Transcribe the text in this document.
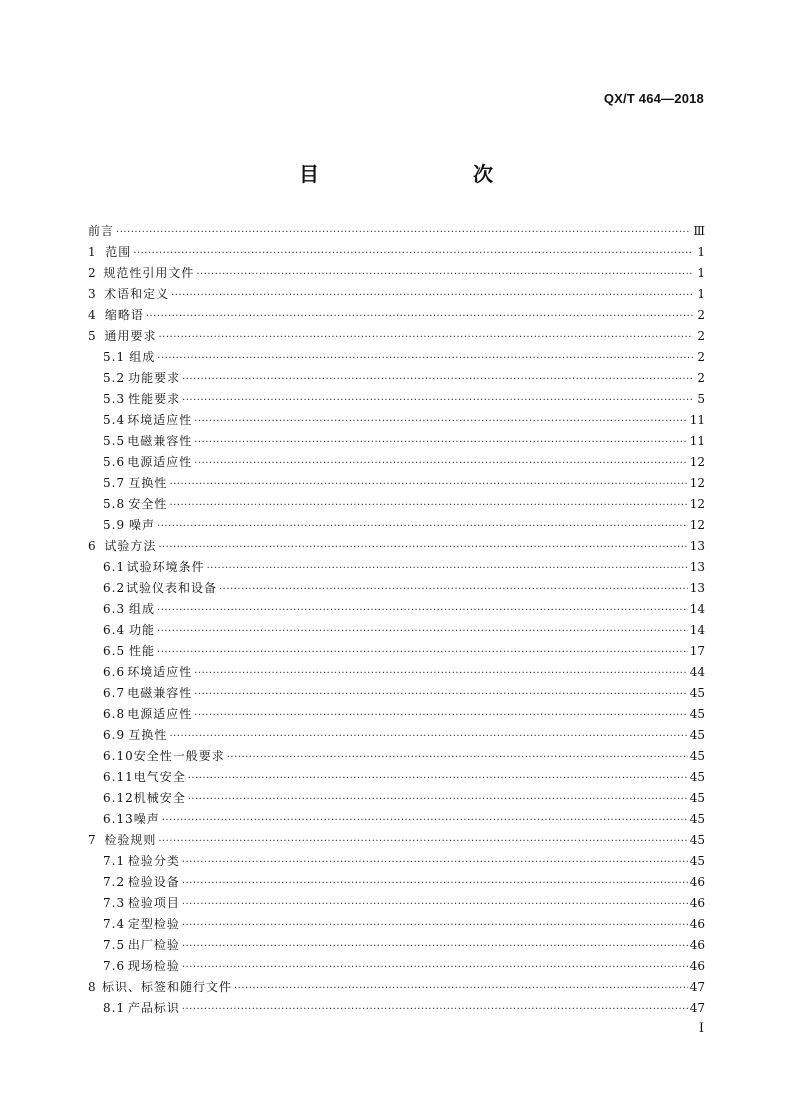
QX/T 464—2018
目　　次
前言 ·····	Ⅲ
1 范围 ·····	1
2 规范性引用文件 ·····	1
3 术语和定义 ·····	1
4 缩略语 ·····	2
5 通用要求 ·····	2
5.1 组成 ·····	2
5.2 功能要求 ·····	2
5.3 性能要求 ·····	5
5.4 环境适应性 ·····	11
5.5 电磁兼容性 ·····	11
5.6 电源适应性 ·····	12
5.7 互换性 ·····	12
5.8 安全性 ·····	12
5.9 噪声 ·····	12
6 试验方法 ·····	13
6.1 试验环境条件 ·····	13
6.2 试验仪表和设备 ·····	13
6.3 组成 ·····	14
6.4 功能 ·····	14
6.5 性能 ·····	17
6.6 环境适应性 ·····	44
6.7 电磁兼容性 ·····	45
6.8 电源适应性 ·····	45
6.9 互换性 ·····	45
6.10 安全性一般要求 ·····	45
6.11 电气安全 ·····	45
6.12 机械安全 ·····	45
6.13 噪声 ·····	45
7 检验规则 ·····	45
7.1 检验分类 ·····	45
7.2 检验设备 ·····	46
7.3 检验项目 ·····	46
7.4 定型检验 ·····	46
7.5 出厂检验 ·····	46
7.6 现场检验 ·····	46
8 标识、标签和随行文件 ·····	47
8.1 产品标识 ·····	47
I
